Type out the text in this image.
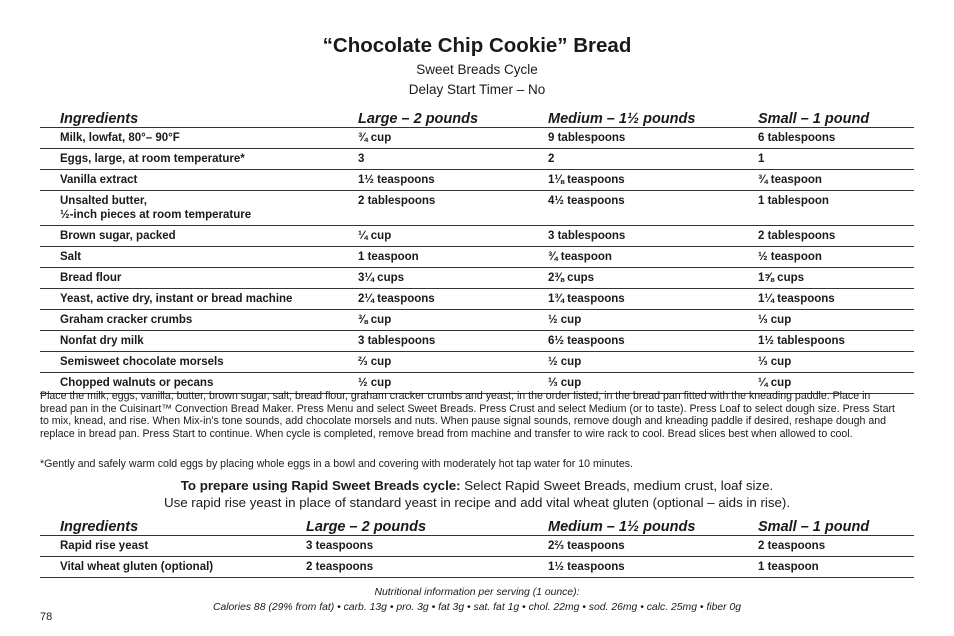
“Chocolate Chip Cookie” Bread
Sweet Breads Cycle
Delay Start Timer – No
Ingredients	Large – 2 pounds	Medium – 1½ pounds	Small – 1 pound
Milk, lowfat, 80°– 90°F	¾ cup	9 tablespoons	6 tablespoons
Eggs, large, at room temperature*	3	2	1
Vanilla extract	1½ teaspoons	1⅛ teaspoons	¾ teaspoon
Unsalted butter,
½-inch pieces at room temperature	2 tablespoons	4½ teaspoons	1 tablespoon
Brown sugar, packed	¼ cup	3 tablespoons	2 tablespoons
Salt	1 teaspoon	¾ teaspoon	½ teaspoon
Bread flour	3¼ cups	2⅜ cups	1⅝ cups
Yeast, active dry, instant or bread machine	2¼ teaspoons	1¾ teaspoons	1¼ teaspoons
Graham cracker crumbs	⅜ cup	½ cup	⅓ cup
Nonfat dry milk	3 tablespoons	6½ teaspoons	1½ tablespoons
Semisweet chocolate morsels	⅔ cup	½ cup	⅓ cup
Chopped walnuts or pecans	½ cup	⅓ cup	¼ cup

Place the milk, eggs, vanilla, butter, brown sugar, salt, bread flour, graham cracker crumbs and yeast, in the order listed, in the bread pan fitted with the kneading paddle. Place in bread pan in the Cuisinart™ Convection Bread Maker. Press Menu and select Sweet Breads. Press Crust and select Medium (or to taste). Press Loaf to select dough size. Press Start to mix, knead, and rise. When Mix-in’s tone sounds, add chocolate morsels and nuts. When pause signal sounds, remove dough and kneading paddle if desired, reshape dough and replace in bread pan. Press Start to continue. When cycle is completed, remove bread from machine and transfer to wire rack to cool. Bread slices best when allowed to cool.

*Gently and safely warm cold eggs by placing whole eggs in a bowl and covering with moderately hot tap water for 10 minutes.

To prepare using Rapid Sweet Breads cycle: Select Rapid Sweet Breads, medium crust, loaf size.
Use rapid rise yeast in place of standard yeast in recipe and add vital wheat gluten (optional – aids in rise).

Ingredients	Large – 2 pounds	Medium – 1½ pounds	Small – 1 pound
Rapid rise yeast	3 teaspoons	2⅔ teaspoons	2 teaspoons
Vital wheat gluten (optional)	2 teaspoons	1½ teaspoons	1 teaspoon
Nutritional information per serving (1 ounce):
Calories 88 (29% from fat) • carb. 13g • pro. 3g • fat 3g • sat. fat 1g • chol. 22mg • sod. 26mg • calc. 25mg • fiber 0g
78
